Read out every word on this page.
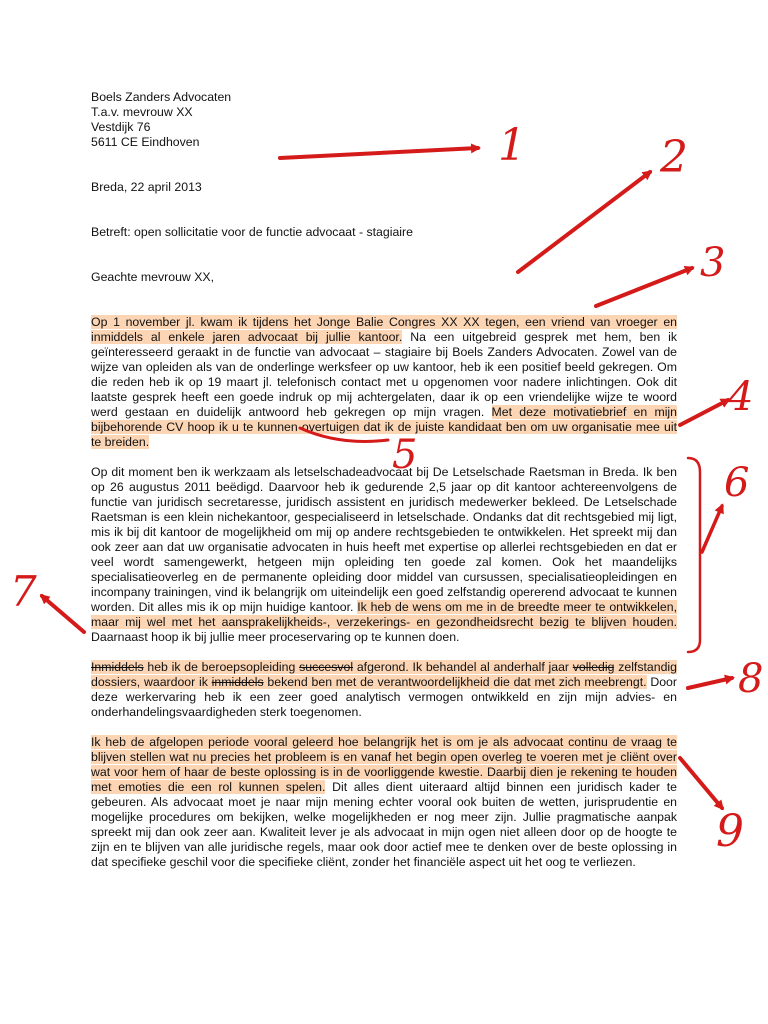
Boels Zanders Advocaten
T.a.v. mevrouw XX
Vestdijk 76
5611 CE Eindhoven
Breda, 22 april 2013
Betreft: open sollicitatie voor de functie advocaat - stagiaire
Geachte mevrouw XX,

Op 1 november jl. kwam ik tijdens het Jonge Balie Congres XX XX tegen, een vriend van vroeger en inmiddels al enkele jaren advocaat bij jullie kantoor. Na een uitgebreid gesprek met hem, ben ik geïnteresseerd geraakt in de functie van advocaat – stagiaire bij Boels Zanders Advocaten. Zowel van de wijze van opleiden als van de onderlinge werksfeer op uw kantoor, heb ik een positief beeld gekregen. Om die reden heb ik op 19 maart jl. telefonisch contact met u opgenomen voor nadere inlichtingen. Ook dit laatste gesprek heeft een goede indruk op mij achtergelaten, daar ik op een vriendelijke wijze te woord werd gestaan en duidelijk antwoord heb gekregen op mijn vragen. Met deze motivatiebrief en mijn bijbehorende CV hoop ik u te kunnen overtuigen dat ik de juiste kandidaat ben om uw organisatie mee uit te breiden.

Op dit moment ben ik werkzaam als letselschadeadvocaat bij De Letselschade Raetsman in Breda. Ik ben op 26 augustus 2011 beëdigd. Daarvoor heb ik gedurende 2,5 jaar op dit kantoor achtereenvolgens de functie van juridisch secretaresse, juridisch assistent en juridisch medewerker bekleed. De Letselschade Raetsman is een klein nichekantoor, gespecialiseerd in letselschade. Ondanks dat dit rechtsgebied mij ligt, mis ik bij dit kantoor de mogelijkheid om mij op andere rechtsgebieden te ontwikkelen. Het spreekt mij dan ook zeer aan dat uw organisatie advocaten in huis heeft met expertise op allerlei rechtsgebieden en dat er veel wordt samengewerkt, hetgeen mijn opleiding ten goede zal komen. Ook het maandelijks specialisatieoverleg en de permanente opleiding door middel van cursussen, specialisatieopleidingen en incompany trainingen, vind ik belangrijk om uiteindelijk een goed zelfstandig opererend advocaat te kunnen worden. Dit alles mis ik op mijn huidige kantoor. Ik heb de wens om me in de breedte meer te ontwikkelen, maar mij wel met het aansprakelijkheids-, verzekerings- en gezondheidsrecht bezig te blijven houden. Daarnaast hoop ik bij jullie meer proceservaring op te kunnen doen.

Inmiddels heb ik de beroepsopleiding succesvol afgerond. Ik behandel al anderhalf jaar volledig zelfstandig dossiers, waardoor ik inmiddels bekend ben met de verantwoordelijkheid die dat met zich meebrengt. Door deze werkervaring heb ik een zeer goed analytisch vermogen ontwikkeld en zijn mijn advies- en onderhandelingsvaardigheden sterk toegenomen.

Ik heb de afgelopen periode vooral geleerd hoe belangrijk het is om je als advocaat continu de vraag te blijven stellen wat nu precies het probleem is en vanaf het begin open overleg te voeren met je cliënt over wat voor hem of haar de beste oplossing is in de voorliggende kwestie. Daarbij dien je rekening te houden met emoties die een rol kunnen spelen. Dit alles dient uiteraard altijd binnen een juridisch kader te gebeuren. Als advocaat moet je naar mijn mening echter vooral ook buiten de wetten, jurisprudentie en mogelijke procedures om bekijken, welke mogelijkheden er nog meer zijn. Jullie pragmatische aanpak spreekt mij dan ook zeer aan. Kwaliteit lever je als advocaat in mijn ogen niet alleen door op de hoogte te zijn en te blijven van alle juridische regels, maar ook door actief mee te denken over de beste oplossing in dat specifieke geschil voor die specifieke cliënt, zonder het financiële aspect uit het oog te verliezen.

1	2
3
4
5
6
7
8
9
